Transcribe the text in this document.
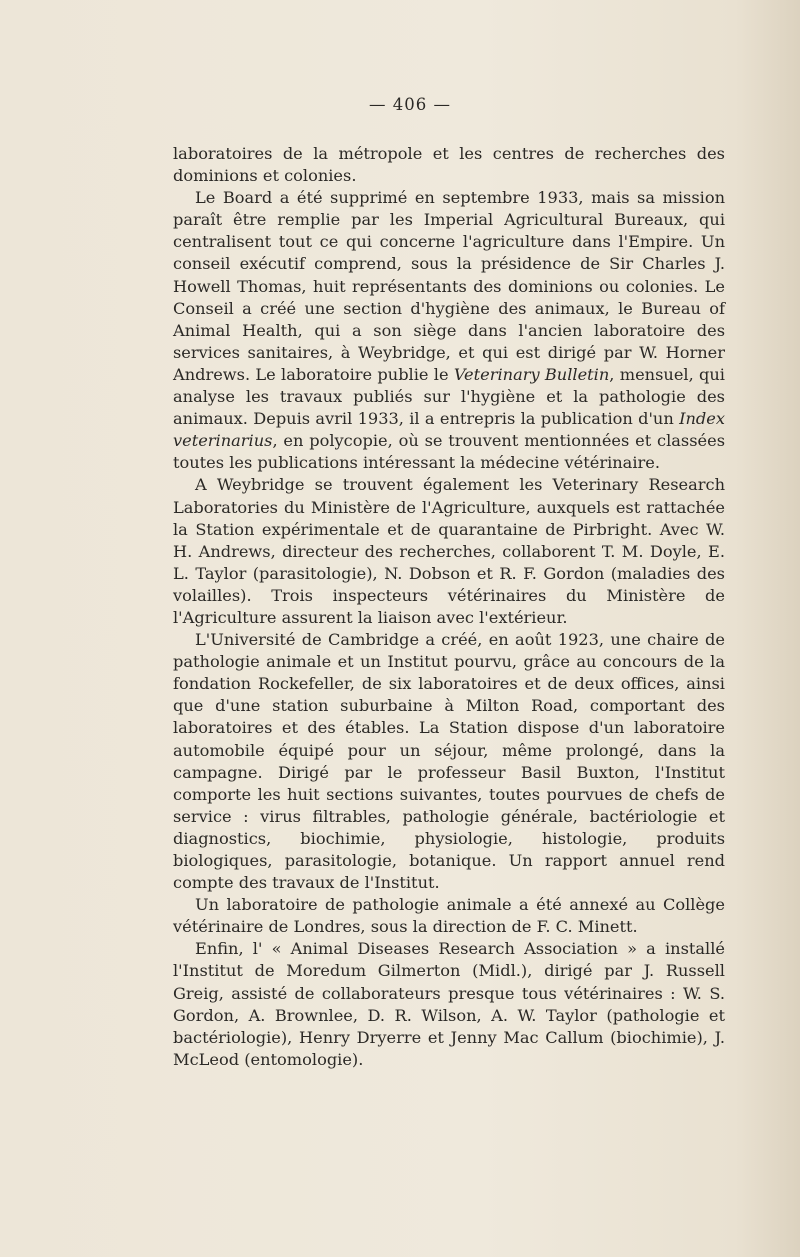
— 406 —

laboratoires de la métropole et les centres de recherches des dominions et colonies.

Le Board a été supprimé en septembre 1933, mais sa mission paraît être remplie par les Imperial Agricultural Bureaux, qui centralisent tout ce qui concerne l'agriculture dans l'Empire. Un conseil exécutif comprend, sous la présidence de Sir Charles J. Howell Thomas, huit représentants des dominions ou colonies. Le Conseil a créé une section d'hygiène des animaux, le Bureau of Animal Health, qui a son siège dans l'ancien laboratoire des services sanitaires, à Weybridge, et qui est dirigé par W. Horner Andrews. Le laboratoire publie le Veterinary Bulletin, mensuel, qui analyse les travaux publiés sur l'hygiène et la pathologie des animaux. Depuis avril 1933, il a entrepris la publication d'un Index veterinarius, en polycopie, où se trouvent mentionnées et classées toutes les publications intéressant la médecine vétérinaire.

A Weybridge se trouvent également les Veterinary Research Laboratories du Ministère de l'Agriculture, auxquels est rattachée la Station expérimentale et de quarantaine de Pirbright. Avec W. H. Andrews, directeur des recherches, collaborent T. M. Doyle, E. L. Taylor (parasitologie), N. Dobson et R. F. Gordon (maladies des volailles). Trois inspecteurs vétérinaires du Ministère de l'Agriculture assurent la liaison avec l'extérieur.

L'Université de Cambridge a créé, en août 1923, une chaire de pathologie animale et un Institut pourvu, grâce au concours de la fondation Rockefeller, de six laboratoires et de deux offices, ainsi que d'une station suburbaine à Milton Road, comportant des laboratoires et des étables. La Station dispose d'un laboratoire automobile équipé pour un séjour, même prolongé, dans la campagne. Dirigé par le professeur Basil Buxton, l'Institut comporte les huit sections suivantes, toutes pourvues de chefs de service : virus filtrables, pathologie générale, bactériologie et diagnostics, biochimie, physiologie, histologie, produits biologiques, parasitologie, botanique. Un rapport annuel rend compte des travaux de l'Institut.

Un laboratoire de pathologie animale a été annexé au Collège vétérinaire de Londres, sous la direction de F. C. Minett.

Enfin, l' « Animal Diseases Research Association » a installé l'Institut de Moredum Gilmerton (Midl.), dirigé par J. Russell Greig, assisté de collaborateurs presque tous vétérinaires : W. S. Gordon, A. Brownlee, D. R. Wilson, A. W. Taylor (pathologie et bactériologie), Henry Dryerre et Jenny Mac Callum (biochimie), J. McLeod (entomologie).
